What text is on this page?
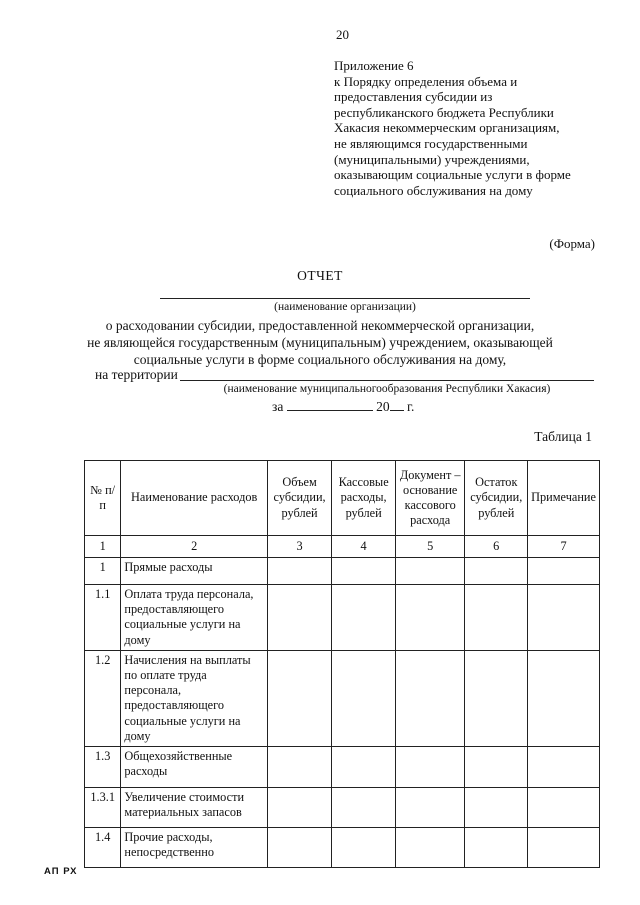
20
Приложение 6
к Порядку определения объема и
предоставления субсидии из
республиканского бюджета Республики
Хакасия некоммерческим организациям,
не являющимся государственными
(муниципальными) учреждениями,
оказывающим социальные услуги в форме
социального обслуживания на дому
(Форма)
ОТЧЕТ
(наименование организации)
о расходовании субсидии, предоставленной некоммерческой организации,
не являющейся государственным (муниципальным) учреждением, оказывающей
социальные услуги в форме социального обслуживания на дому,
на территории
(наименование муниципальногообразования Республики Хакасия)
за	20 г.
Таблица 1
№ п/п	Наименование расходов	Объем субсидии, рублей	Кассовые расходы, рублей	Документ – основание кассового расхода	Остаток субсидии, рублей	Примечание
1	2	3	4	5	6	7
1	Прямые расходы					
1.1	Оплата труда персонала, предоставляющего социальные услуги на дому					
1.2	Начисления на выплаты по оплате труда персонала, предоставляющего социальные услуги на дому					
1.3	Общехозяйственные расходы					
1.3.1	Увеличение стоимости материальных запасов					
1.4	Прочие расходы, непосредственно					
АП РХ
